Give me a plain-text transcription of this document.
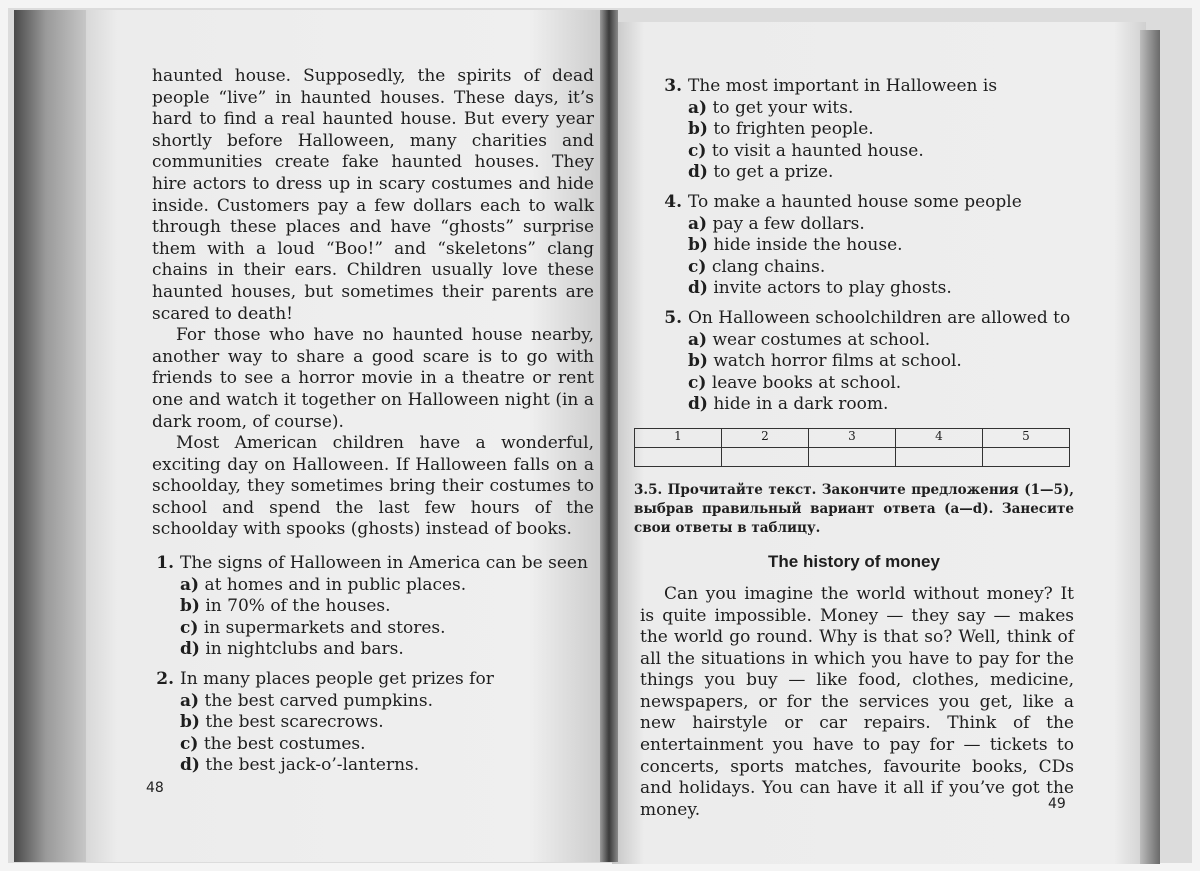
haunted house. Supposedly, the spirits of dead people “live” in haunted houses. These days, it’s hard to find a real haunted house. But every year shortly before Halloween, many charities and communities create fake haunted houses. They hire actors to dress up in scary costumes and hide inside. Customers pay a few dollars each to walk through these places and have “ghosts” surprise them with a loud “Boo!” and “skeletons” clang chains in their ears. Children usually love these haunted houses, but sometimes their parents are scared to death!

For those who have no haunted house nearby, another way to share a good scare is to go with friends to see a horror movie in a theatre or rent one and watch it together on Halloween night (in a dark room, of course).

Most American children have a wonderful, exciting day on Halloween. If Halloween falls on a schoolday, they sometimes bring their costumes to school and spend the last few hours of the schoolday with spooks (ghosts) instead of books.

1. The signs of Halloween in America can be seen
a) at homes and in public places.
b) in 70% of the houses.
c) in supermarkets and stores.
d) in nightclubs and bars.
2. In many places people get prizes for
a) the best carved pumpkins.
b) the best scarecrows.
c) the best costumes.
d) the best jack-o’-lanterns.
48
3. The most important in Halloween is
a) to get your wits.
b) to frighten people.
c) to visit a haunted house.
d) to get a prize.
4. To make a haunted house some people
a) pay a few dollars.
b) hide inside the house.
c) clang chains.
d) invite actors to play ghosts.
5. On Halloween schoolchildren are allowed to
a) wear costumes at school.
b) watch horror films at school.
c) leave books at school.
d) hide in a dark room.
1	2	3	4	5

3.5. Прочитайте текст. Закончите предложения (1—5), выбрав правильный вариант ответа (a—d). Занесите свои ответы в таблицу.
The history of money

Can you imagine the world without money? It is quite impossible. Money — they say — makes the world go round. Why is that so? Well, think of all the situations in which you have to pay for the things you buy — like food, clothes, medicine, newspapers, or for the services you get, like a new hairstyle or car repairs. Think of the entertainment you have to pay for — tickets to concerts, sports matches, favourite books, CDs and holidays. You can have it all if you’ve got the money.	49
